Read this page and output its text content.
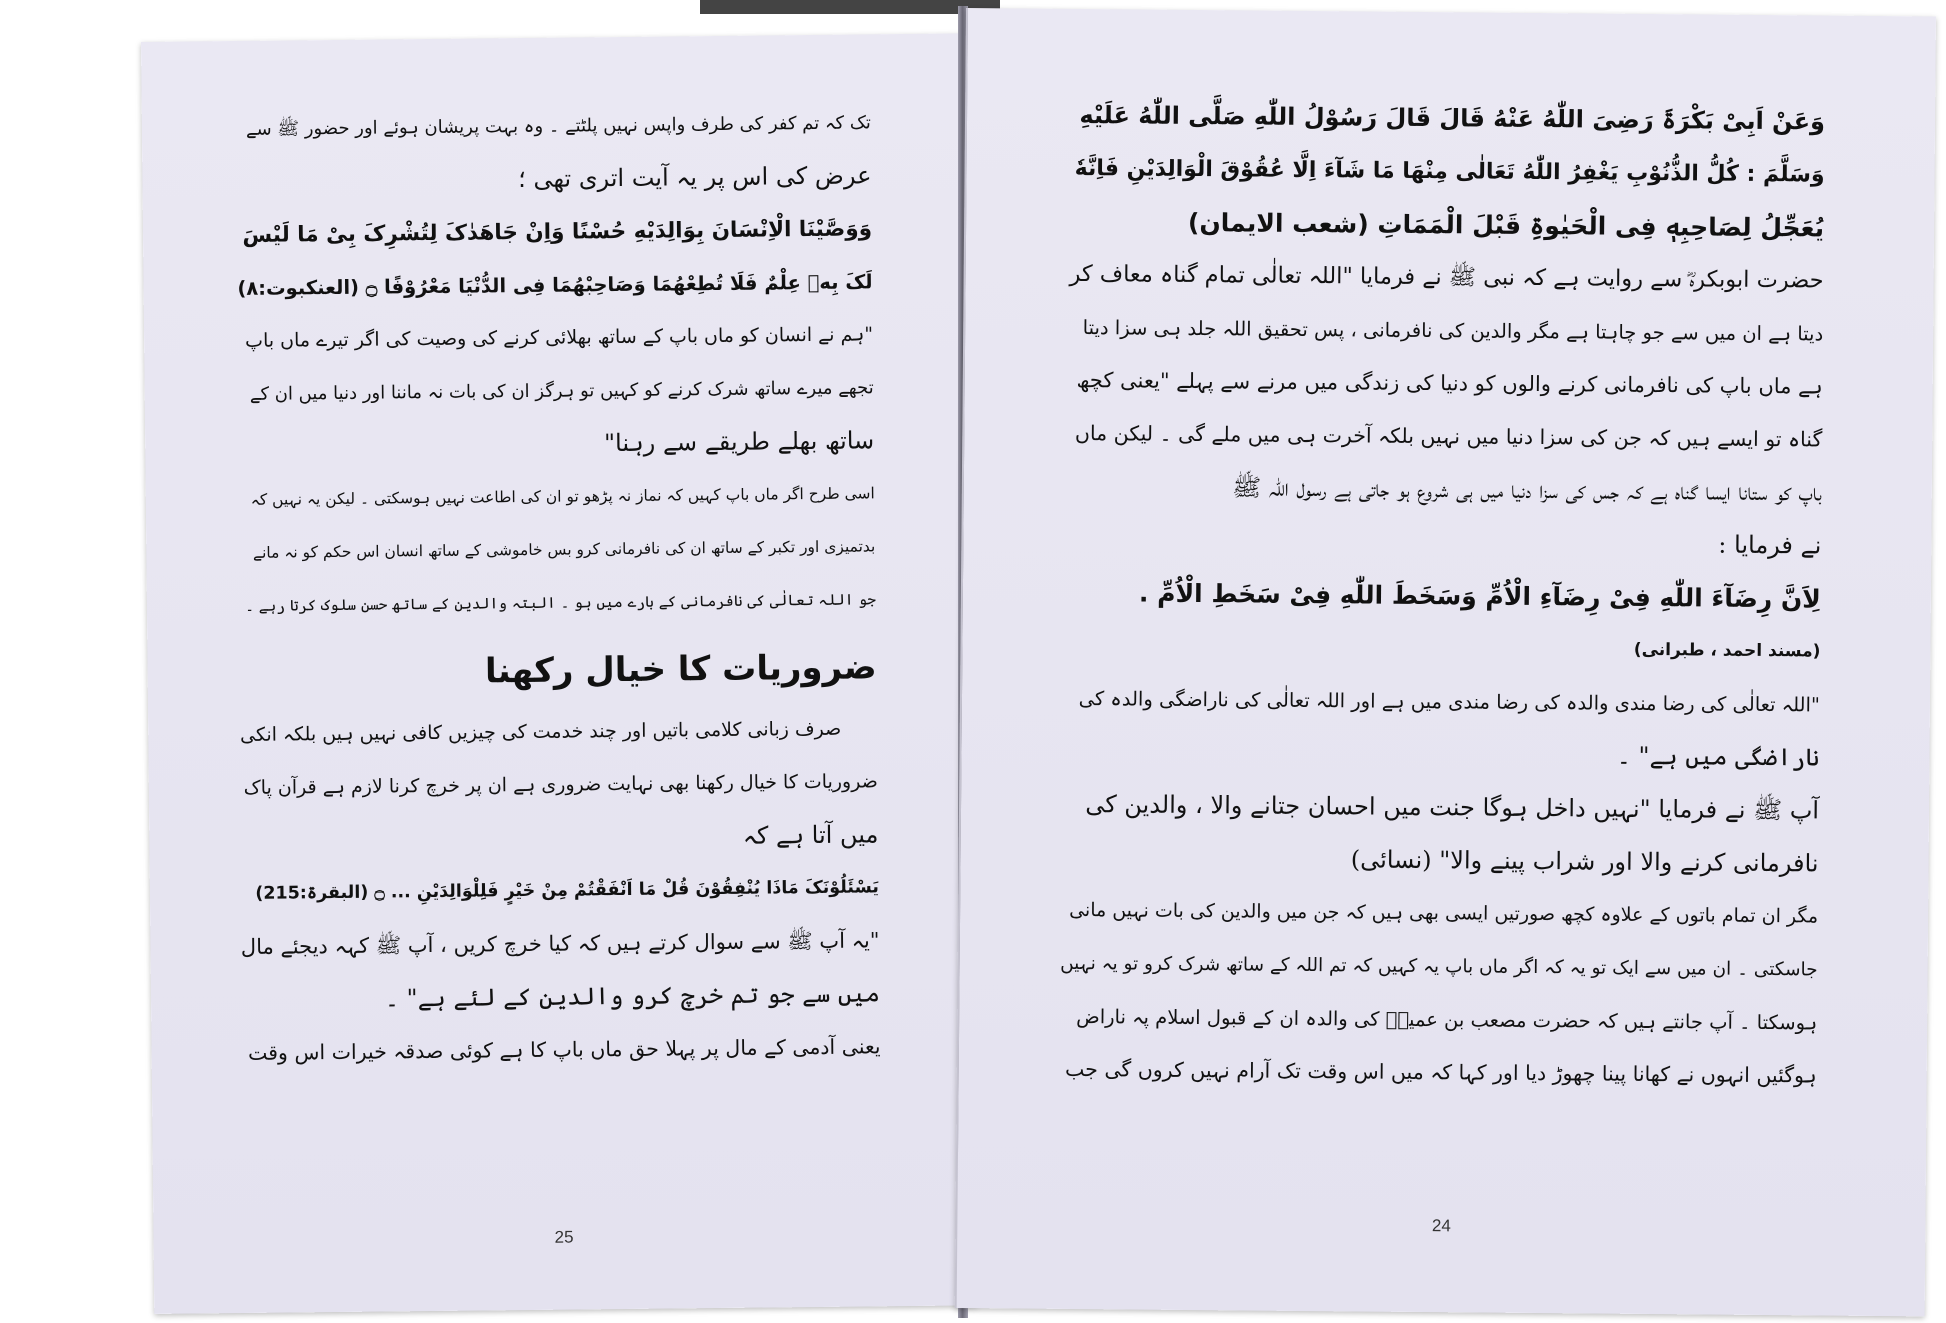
تک کہ تم کفر کی طرف واپس نہیں پلٹتے ۔ وہ بہت پریشان ہوئے اور حضور ﷺ سے
عرض کی اس پر یہ آیت اتری تھی ؛
وَوَصَّیْنَا الْاِنْسَانَ بِوَالِدَیْهِ حُسْنًا وَاِنْ جَاهَدٰکَ لِتُشْرِکَ بِیْ مَا لَیْسَ
لَکَ بِهٖ عِلْمٌ فَلَا تُطِعْهُمَا وَصَاحِبْهُمَا فِی الدُّنْیَا مَعْرُوْفًا ۝ (العنکبوت:۸)
"ہم نے انسان کو ماں باپ کے ساتھ بھلائی کرنے کی وصیت کی اگر تیرے ماں باپ
تجھے میرے ساتھ شرک کرنے کو کہیں تو ہرگز ان کی بات نہ ماننا اور دنیا میں ان کے
ساتھ بھلے طریقے سے رہنا"
اسی طرح اگر ماں باپ کہیں کہ نماز نہ پڑھو تو ان کی اطاعت نہیں ہوسکتی ۔ لیکن یہ نہیں کہ
بدتمیزی اور تکبر کے ساتھ ان کی نافرمانی کرو بس خاموشی کے ساتھ انسان اس حکم کو نہ مانے
جو اللہ تعالٰی کی نافرمانی کے بارے میں ہو ۔ البتہ والدین کے ساتھ حسن سلوک کرتا رہے ۔
ضروریات کا خیال رکھنا
صرف زبانی کلامی باتیں اور چند خدمت کی چیزیں کافی نہیں ہیں بلکہ انکی
ضروریات کا خیال رکھنا بھی نہایت ضروری ہے ان پر خرچ کرنا لازم ہے قرآن پاک
میں آتا ہے کہ
یَسْئَلُوْنَکَ مَاذَا یُنْفِقُوْنَ قُلْ مَا اَنْفَقْتُمْ مِنْ خَیْرٍ فَلِلْوَالِدَیْنِ ... ۝ (البقرۃ:215)
"یہ آپ ﷺ سے سوال کرتے ہیں کہ کیا خرچ کریں ، آپ ﷺ کہہ دیجئے مال
میں سے جو تم خرچ کرو والدین کے لئے ہے" ۔
یعنی آدمی کے مال پر پہلا حق ماں باپ کا ہے کوئی صدقہ خیرات اس وقت
25
وَعَنْ اَبِیْ بَکْرَۃَ رَضِیَ اللّٰهُ عَنْهُ قَالَ قَالَ رَسُوْلُ اللّٰهِ صَلَّی اللّٰهُ عَلَیْهِ
وَسَلَّمَ : کُلُّ الذُّنُوْبِ یَغْفِرُ اللّٰهُ تَعَالٰی مِنْهَا مَا شَآءَ اِلَّا عُقُوْقَ الْوَالِدَیْنِ فَاِنَّهٗ
یُعَجِّلُ لِصَاحِبِهٖ فِی الْحَیٰوۃِ قَبْلَ الْمَمَاتِ (شعب الایمان)
حضرت ابوبکرہؓ سے روایت ہے کہ نبی ﷺ نے فرمایا "اللہ تعالٰی تمام گناہ معاف کر
دیتا ہے ان میں سے جو چاہتا ہے مگر والدین کی نافرمانی ، پس تحقیق اللہ جلد ہی سزا دیتا
ہے ماں باپ کی نافرمانی کرنے والوں کو دنیا کی زندگی میں مرنے سے پہلے "یعنی کچھ
گناہ تو ایسے ہیں کہ جن کی سزا دنیا میں نہیں بلکہ آخرت ہی میں ملے گی ۔ لیکن ماں
باپ کو ستانا ایسا گناہ ہے کہ جس کی سزا دنیا میں ہی شروع ہو جاتی ہے رسول اللہ ﷺ
نے فرمایا :
لِاَنَّ رِضَآءَ اللّٰهِ فِیْ رِضَآءِ الْاُمِّ وَسَخَطَ اللّٰهِ فِیْ سَخَطِ الْاُمِّ .
(مسند احمد ، طبرانی)
"اللہ تعالٰی کی رضا مندی والدہ کی رضا مندی میں ہے اور اللہ تعالٰی کی ناراضگی والدہ کی
ناراضگی میں ہے" ۔
آپ ﷺ نے فرمایا "نہیں داخل ہوگا جنت میں احسان جتانے والا ، والدین کی
نافرمانی کرنے والا اور شراب پینے والا" (نسائی)
مگر ان تمام باتوں کے علاوہ کچھ صورتیں ایسی بھی ہیں کہ جن میں والدین کی بات نہیں مانی
جاسکتی ۔ ان میں سے ایک تو یہ کہ اگر ماں باپ یہ کہیں کہ تم اللہ کے ساتھ شرک کرو تو یہ نہیں
ہوسکتا ۔ آپ جانتے ہیں کہ حضرت مصعب بن عمیرؓ کی والدہ ان کے قبول اسلام پہ ناراض
ہوگئیں انہوں نے کھانا پینا چھوڑ دیا اور کہا کہ میں اس وقت تک آرام نہیں کروں گی جب
24
